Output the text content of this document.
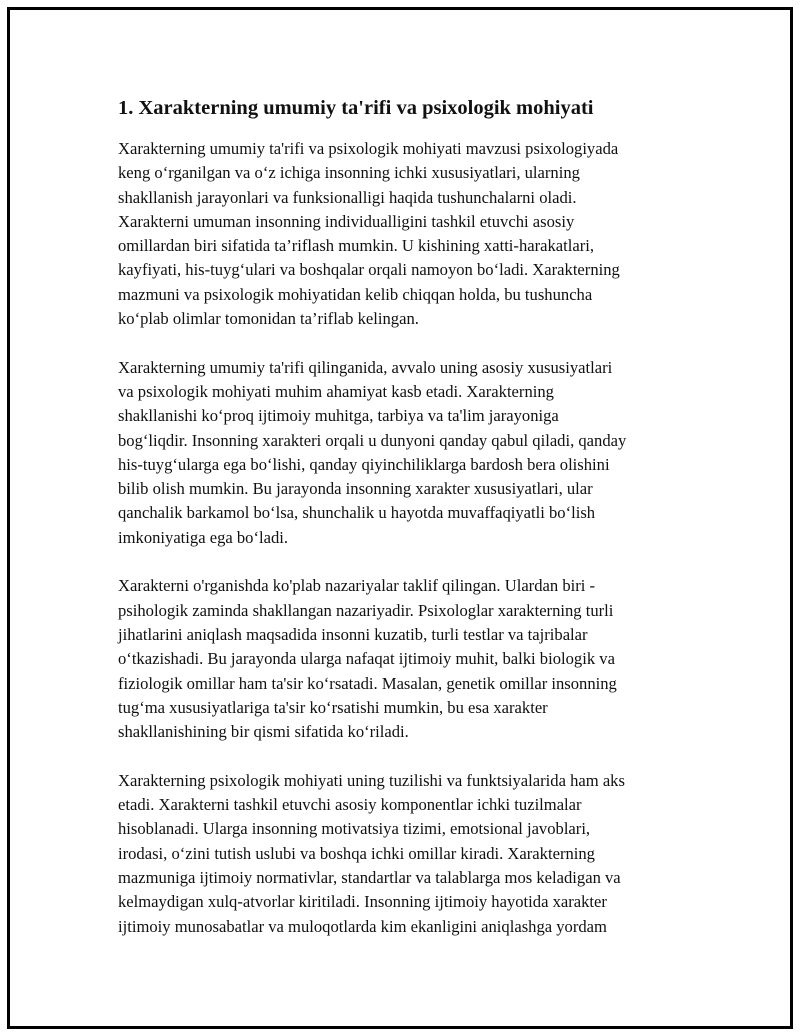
1. Xarakterning umumiy ta'rifi va psixologik mohiyati
Xarakterning umumiy ta'rifi va psixologik mohiyati mavzusi psixologiyada
keng o‘rganilgan va o‘z ichiga insonning ichki xususiyatlari, ularning
shakllanish jarayonlari va funksionalligi haqida tushunchalarni oladi.
Xarakterni umuman insonning individualligini tashkil etuvchi asosiy
omillardan biri sifatida ta’riflash mumkin. U kishining xatti-harakatlari,
kayfiyati, his-tuyg‘ulari va boshqalar orqali namoyon bo‘ladi. Xarakterning
mazmuni va psixologik mohiyatidan kelib chiqqan holda, bu tushuncha
ko‘plab olimlar tomonidan ta’riflab kelingan.
Xarakterning umumiy ta'rifi qilinganida, avvalo uning asosiy xususiyatlari
va psixologik mohiyati muhim ahamiyat kasb etadi. Xarakterning
shakllanishi ko‘proq ijtimoiy muhitga, tarbiya va ta'lim jarayoniga
bog‘liqdir. Insonning xarakteri orqali u dunyoni qanday qabul qiladi, qanday
his-tuyg‘ularga ega bo‘lishi, qanday qiyinchiliklarga bardosh bera olishini
bilib olish mumkin. Bu jarayonda insonning xarakter xususiyatlari, ular
qanchalik barkamol bo‘lsa, shunchalik u hayotda muvaffaqiyatli bo‘lish
imkoniyatiga ega bo‘ladi.
Xarakterni o'rganishda ko'plab nazariyalar taklif qilingan. Ulardan biri -
psihologik zaminda shakllangan nazariyadir. Psixologlar xarakterning turli
jihatlarini aniqlash maqsadida insonni kuzatib, turli testlar va tajribalar
o‘tkazishadi. Bu jarayonda ularga nafaqat ijtimoiy muhit, balki biologik va
fiziologik omillar ham ta'sir ko‘rsatadi. Masalan, genetik omillar insonning
tug‘ma xususiyatlariga ta'sir ko‘rsatishi mumkin, bu esa xarakter
shakllanishining bir qismi sifatida ko‘riladi.
Xarakterning psixologik mohiyati uning tuzilishi va funktsiyalarida ham aks
etadi. Xarakterni tashkil etuvchi asosiy komponentlar ichki tuzilmalar
hisoblanadi. Ularga insonning motivatsiya tizimi, emotsional javoblari,
irodasi, o‘zini tutish uslubi va boshqa ichki omillar kiradi. Xarakterning
mazmuniga ijtimoiy normativlar, standartlar va talablarga mos keladigan va
kelmaydigan xulq-atvorlar kiritiladi. Insonning ijtimoiy hayotida xarakter
ijtimoiy munosabatlar va muloqotlarda kim ekanligini aniqlashga yordam
